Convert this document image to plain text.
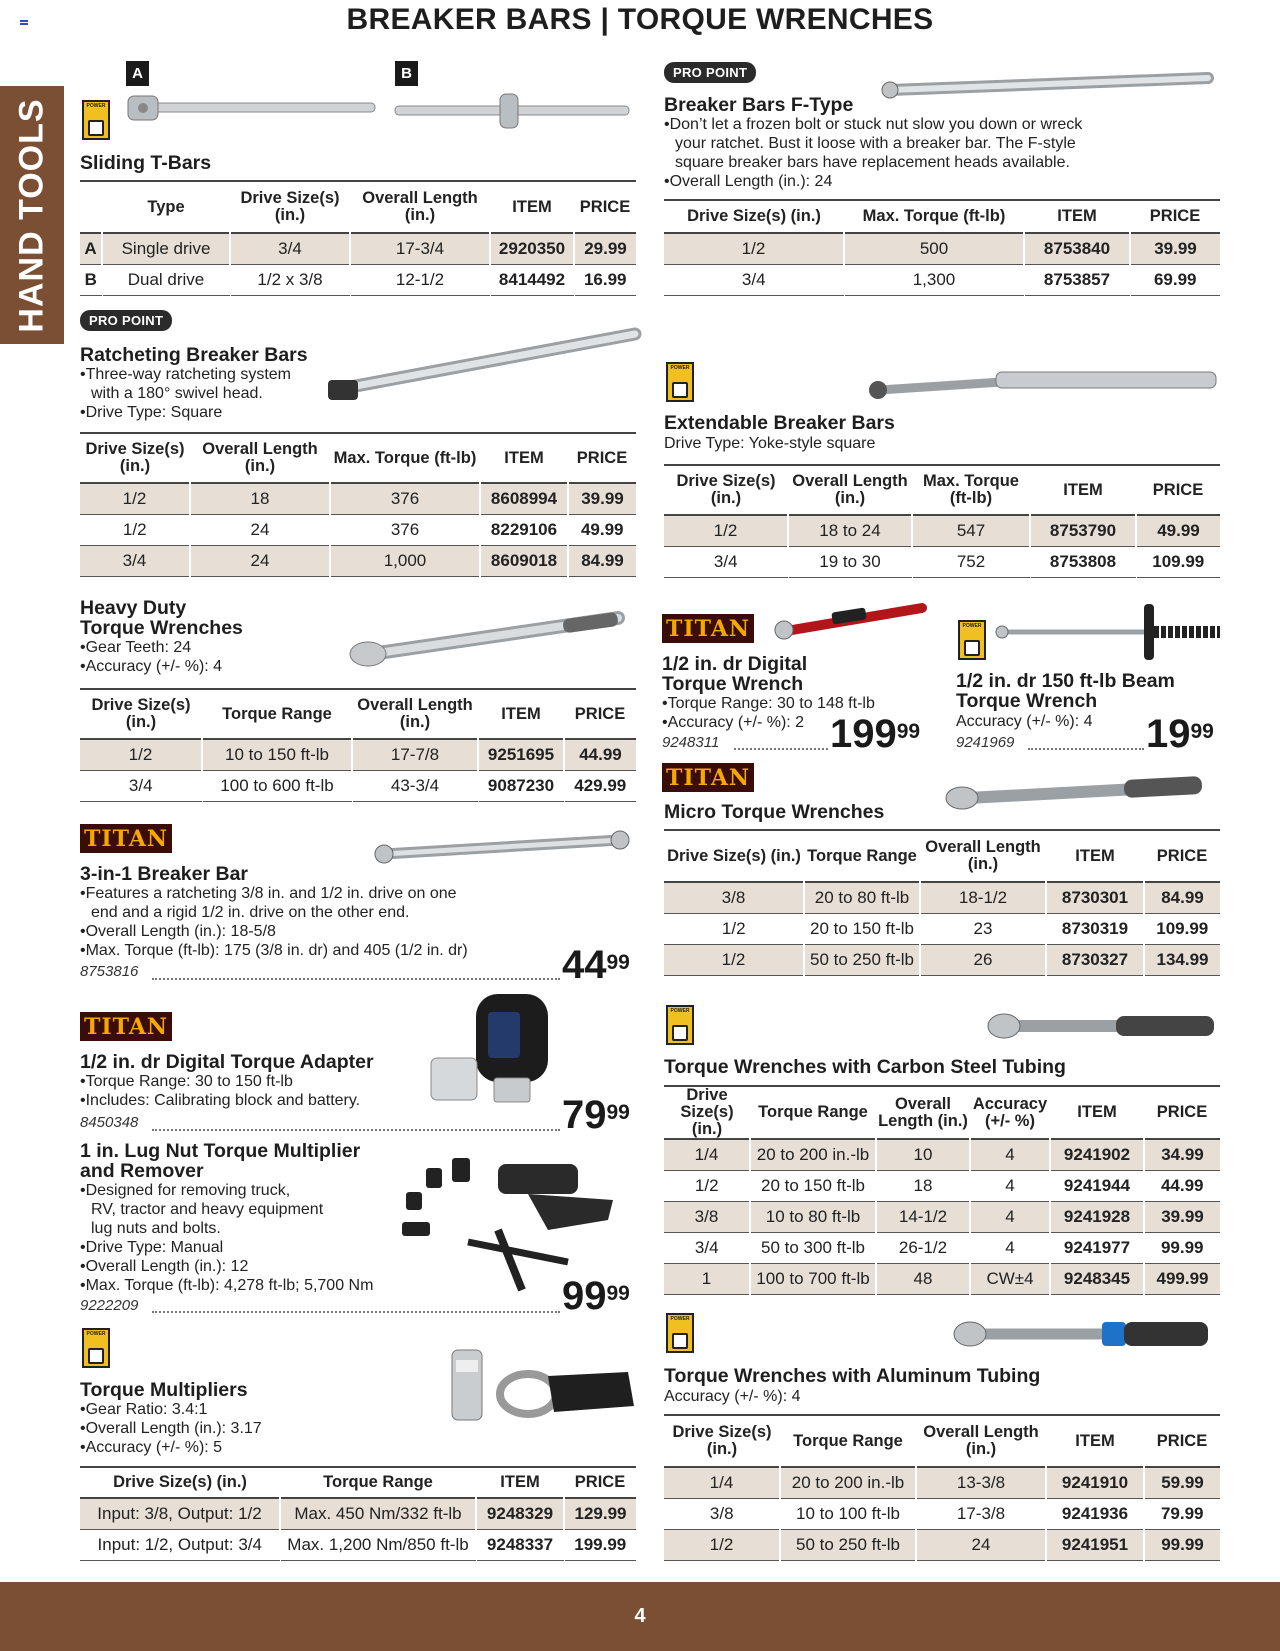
BREAKER BARS | TORQUE WRENCHES
HAND TOOLS
A	B
POWER
Sliding T-Bars
	Type	Drive Size(s) (in.)	Overall Length (in.)	ITEM	PRICE
A	Single drive	3/4	17-3/4	2920350	29.99
B	Dual drive	1/2 x 3/8	12-1/2	8414492	16.99
PRO POINT
Ratcheting Breaker Bars
•Three-way ratcheting system
with a 180° swivel head.
•Drive Type: Square
Drive Size(s) (in.)	Overall Length (in.)	Max. Torque (ft-lb)	ITEM	PRICE
1/2	18	376	8608994	39.99
1/2	24	376	8229106	49.99
3/4	24	1,000	8609018	84.99
Heavy Duty
Torque Wrenches
•Gear Teeth: 24
•Accuracy (+/- %): 4
Drive Size(s) (in.)	Torque Range	Overall Length (in.)	ITEM	PRICE
1/2	10 to 150 ft-lb	17-7/8	9251695	44.99
3/4	100 to 600 ft-lb	43-3/4	9087230	429.99
TITAN
3-in-1 Breaker Bar
•Features a ratcheting 3/8 in. and 1/2 in. drive on one
end and a rigid 1/2 in. drive on the other end.
•Overall Length (in.): 18-5/8
•Max. Torque (ft-lb): 175 (3/8 in. dr) and 405 (1/2 in. dr)
8753816	$44^{99}$
TITAN
1/2 in. dr Digital Torque Adapter
•Torque Range: 30 to 150 ft-lb
•Includes: Calibrating block and battery.
8450348	$79^{99}$
1 in. Lug Nut Torque Multiplier
and Remover
•Designed for removing truck,
RV, tractor and heavy equipment
lug nuts and bolts.
•Drive Type: Manual
•Overall Length (in.): 12
•Max. Torque (ft-lb): 4,278 ft-lb; 5,700 Nm
9222209	$99^{99}$
POWER
Torque Multipliers
•Gear Ratio: 3.4:1
•Overall Length (in.): 3.17
•Accuracy (+/- %): 5
Drive Size(s) (in.)	Torque Range	ITEM	PRICE
Input: 3/8, Output: 1/2	Max. 450 Nm/332 ft-lb	9248329	129.99
Input: 1/2, Output: 3/4	Max. 1,200 Nm/850 ft-lb	9248337	199.99
PRO POINT
Breaker Bars F-Type
•Don’t let a frozen bolt or stuck nut slow you down or wreck
your ratchet. Bust it loose with a breaker bar. The F-style
square breaker bars have replacement heads available.
•Overall Length (in.): 24
Drive Size(s) (in.)	Max. Torque (ft-lb)	ITEM	PRICE
1/2	500	8753840	39.99
3/4	1,300	8753857	69.99
POWER
Extendable Breaker Bars
Drive Type: Yoke-style square
Drive Size(s) (in.)	Overall Length (in.)	Max. Torque (ft-lb)	ITEM	PRICE
1/2	18 to 24	547	8753790	49.99
3/4	19 to 30	752	8753808	109.99
TITAN
1/2 in. dr Digital
Torque Wrench
•Torque Range: 30 to 148 ft-lb
•Accuracy (+/- %): 2
9248311	$199^{99}$
POWER
1/2 in. dr 150 ft-lb Beam
Torque Wrench
Accuracy (+/- %): 4
9241969	$19^{99}$
TITAN
Micro Torque Wrenches
Drive Size(s) (in.)	Torque Range	Overall Length (in.)	ITEM	PRICE
3/8	20 to 80 ft-lb	18-1/2	8730301	84.99
1/2	20 to 150 ft-lb	23	8730319	109.99
1/2	50 to 250 ft-lb	26	8730327	134.99
POWER
Torque Wrenches with Carbon Steel Tubing
Drive Size(s) (in.)	Torque Range	Overall Length (in.)	Accuracy (+/- %)	ITEM	PRICE
1/4	20 to 200 in.-lb	10	4	9241902	34.99
1/2	20 to 150 ft-lb	18	4	9241944	44.99
3/8	10 to 80 ft-lb	14-1/2	4	9241928	39.99
3/4	50 to 300 ft-lb	26-1/2	4	9241977	99.99
1	100 to 700 ft-lb	48	CW±4	9248345	499.99
POWER
Torque Wrenches with Aluminum Tubing
Accuracy (+/- %): 4
Drive Size(s) (in.)	Torque Range	Overall Length (in.)	ITEM	PRICE
1/4	20 to 200 in.-lb	13-3/8	9241910	59.99
3/8	10 to 100 ft-lb	17-3/8	9241936	79.99
1/2	50 to 250 ft-lb	24	9241951	99.99
4
